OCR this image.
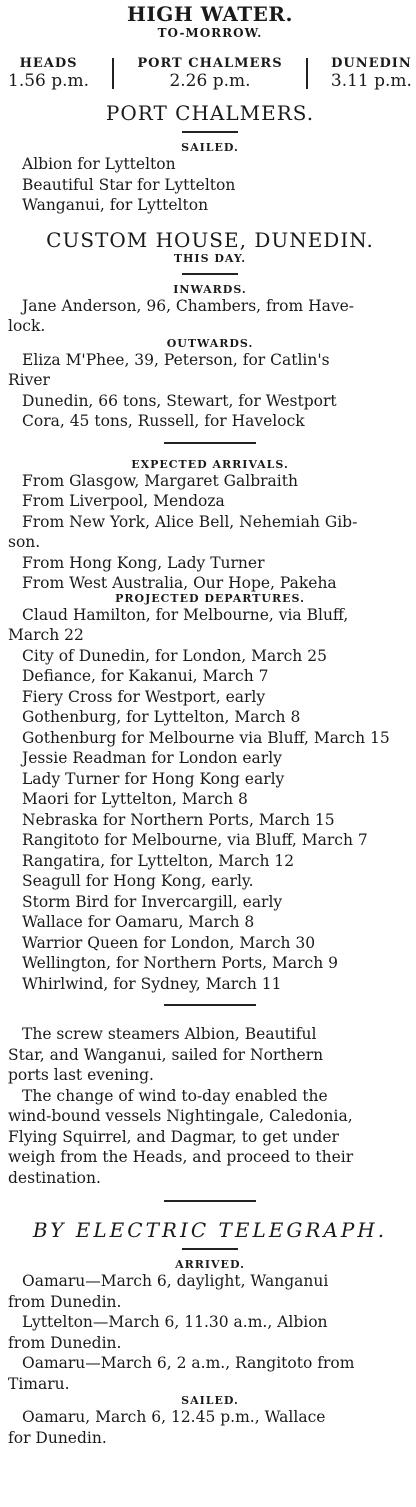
HIGH WATER.
TO-MORROW.
HEADS
1.56 p.m.
PORT CHALMERS
2.26 p.m.
DUNEDIN
3.11 p.m.
PORT CHALMERS.
SAILED.
Albion for Lyttelton
Beautiful Star for Lyttelton
Wanganui, for Lyttelton
CUSTOM HOUSE, DUNEDIN.
THIS DAY.
INWARDS.
Jane Anderson, 96, Chambers, from Have-
lock.
OUTWARDS.
Eliza M'Phee, 39, Peterson, for Catlin's
River
Dunedin, 66 tons, Stewart, for Westport
Cora, 45 tons, Russell, for Havelock
EXPECTED ARRIVALS.
From Glasgow, Margaret Galbraith
From Liverpool, Mendoza
From New York, Alice Bell, Nehemiah Gib-
son.
From Hong Kong, Lady Turner
From West Australia, Our Hope, Pakeha
PROJECTED DEPARTURES.
Claud Hamilton, for Melbourne, via Bluff,
March 22
City of Dunedin, for London, March 25
Defiance, for Kakanui, March 7
Fiery Cross for Westport, early
Gothenburg, for Lyttelton, March 8
Gothenburg for Melbourne via Bluff, March 15
Jessie Readman for London early
Lady Turner for Hong Kong early
Maori for Lyttelton, March 8
Nebraska for Northern Ports, March 15
Rangitoto for Melbourne, via Bluff, March 7
Rangatira, for Lyttelton, March 12
Seagull for Hong Kong, early.
Storm Bird for Invercargill, early
Wallace for Oamaru, March 8
Warrior Queen for London, March 30
Wellington, for Northern Ports, March 9
Whirlwind, for Sydney, March 11
The screw steamers Albion, Beautiful
Star, and Wanganui, sailed for Northern
ports last evening.
The change of wind to-day enabled the
wind-bound vessels Nightingale, Caledonia,
Flying Squirrel, and Dagmar, to get under
weigh from the Heads, and proceed to their
destination.
BY ELECTRIC TELEGRAPH.
ARRIVED.
Oamaru—March 6, daylight, Wanganui
from Dunedin.
Lyttelton—March 6, 11.30 a.m., Albion
from Dunedin.
Oamaru—March 6, 2 a.m., Rangitoto from
Timaru.
SAILED.
Oamaru, March 6, 12.45 p.m., Wallace
for Dunedin.
